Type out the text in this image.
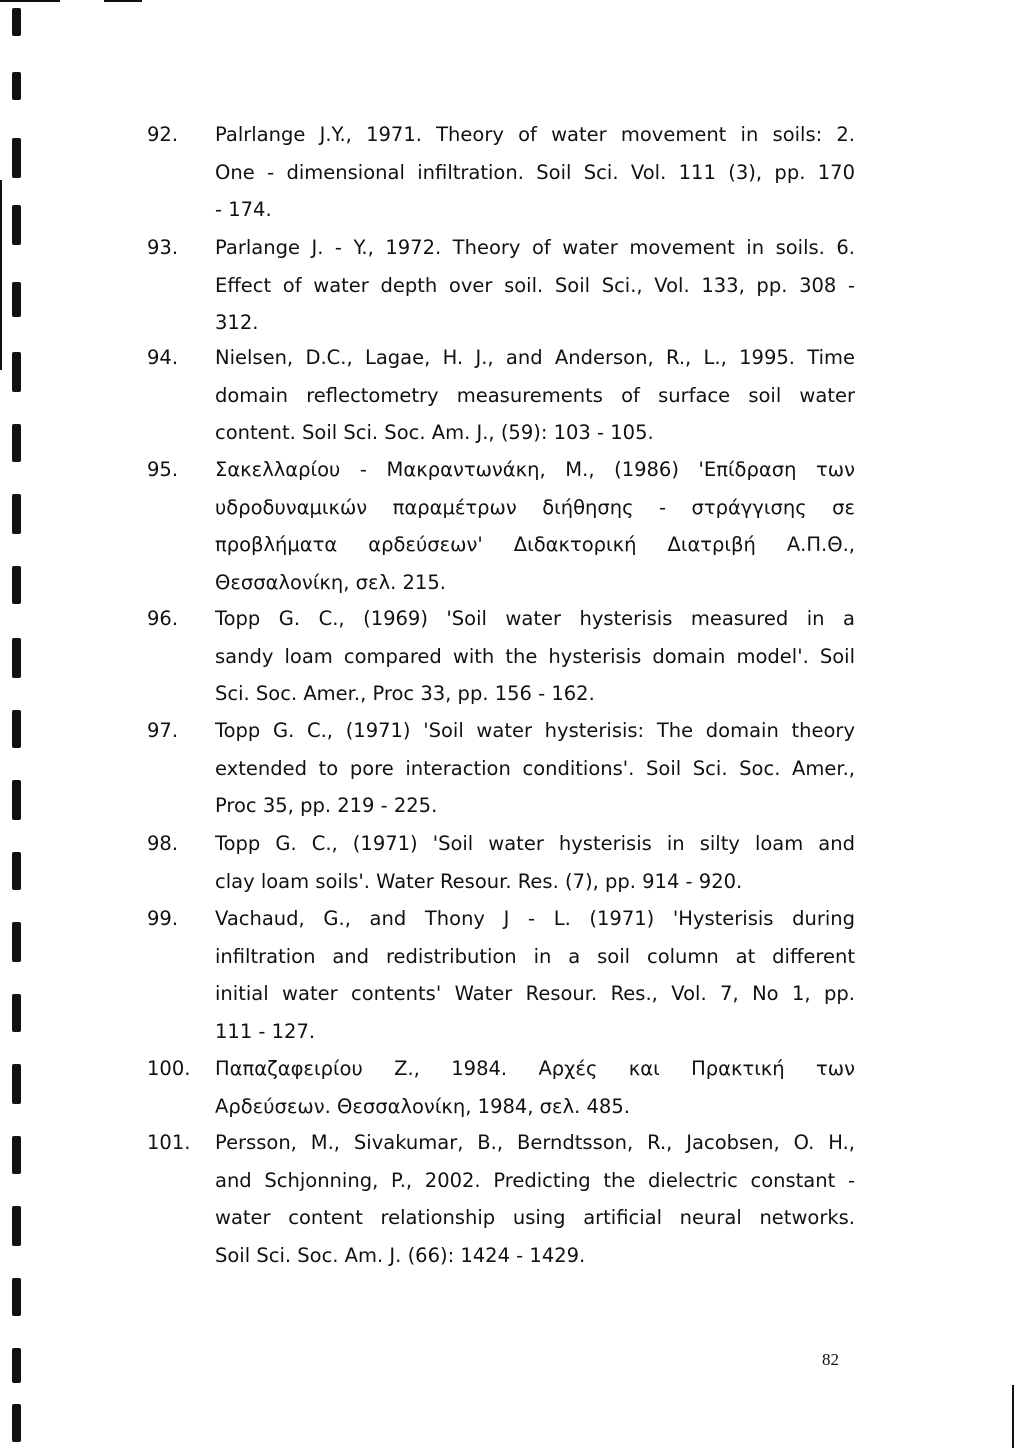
92. Palrlange J.Y., 1971. Theory of water movement in soils: 2.
One - dimensional infiltration. Soil Sci. Vol. 111 (3), pp. 170
- 174.
93. Parlange J. - Y., 1972. Theory of water movement in soils. 6.
Effect of water depth over soil. Soil Sci., Vol. 133, pp. 308 -
312.
94. Nielsen, D.C., Lagae, H. J., and Anderson, R., L., 1995. Time
domain reflectometry measurements of surface soil water
content. Soil Sci. Soc. Am. J., (59): 103 - 105.
95. Σακελλαρίου - Μακραντωνάκη, Μ., (1986) 'Επίδραση των
υδροδυναμικών παραμέτρων διήθησης - στράγγισης σε
προβλήματα αρδεύσεων' Διδακτορική Διατριβή Α.Π.Θ.,
Θεσσαλονίκη, σελ. 215.
96. Topp G. C., (1969) 'Soil water hysterisis measured in a
sandy loam compared with the hysterisis domain model'. Soil
Sci. Soc. Amer., Proc 33, pp. 156 - 162.
97. Topp G. C., (1971) 'Soil water hysterisis: The domain theory
extended to pore interaction conditions'. Soil Sci. Soc. Amer.,
Proc 35, pp. 219 - 225.
98. Topp G. C., (1971) 'Soil water hysterisis in silty loam and
clay loam soils'. Water Resour. Res. (7), pp. 914 - 920.
99. Vachaud, G., and Thony J - L. (1971) 'Hysterisis during
infiltration and redistribution in a soil column at different
initial water contents' Water Resour. Res., Vol. 7, No 1, pp.
111 - 127.
100. Παπαζαφειρίου Ζ., 1984. Αρχές και Πρακτική των
Αρδεύσεων. Θεσσαλονίκη, 1984, σελ. 485.
101. Persson, M., Sivakumar, B., Berndtsson, R., Jacobsen, O. H.,
and Schjonning, P., 2002. Predicting the dielectric constant -
water content relationship using artificial neural networks.
Soil Sci. Soc. Am. J. (66): 1424 - 1429.
82
